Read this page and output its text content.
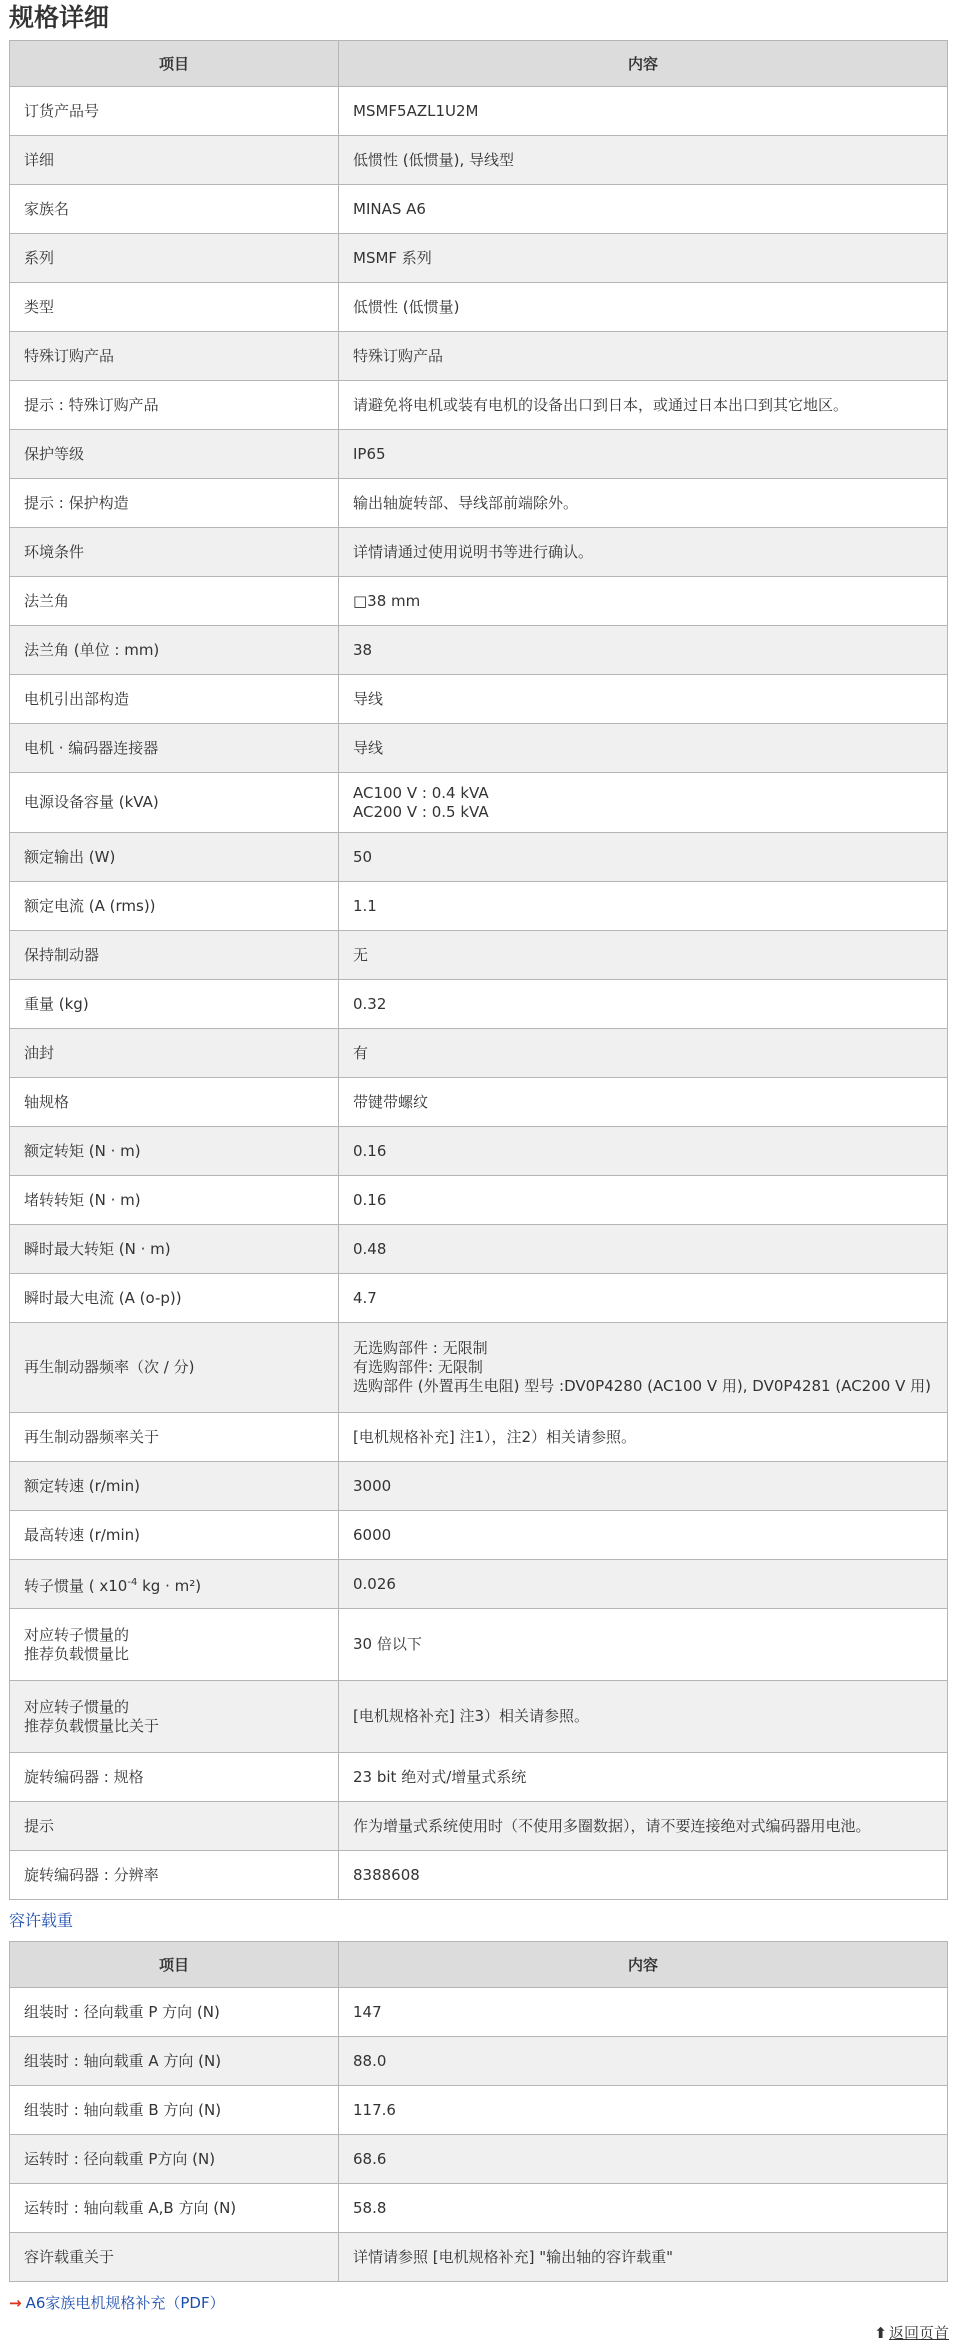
规格详细
项目	内容
订货产品号	MSMF5AZL1U2M
详细	低惯性 (低惯量), 导线型
家族名	MINAS A6
系列	MSMF 系列
类型	低惯性 (低惯量)
特殊订购产品	特殊订购产品
提示 : 特殊订购产品	请避免将电机或装有电机的设备出口到日本，或通过日本出口到其它地区。
保护等级	IP65
提示 : 保护构造	输出轴旋转部、导线部前端除外。
环境条件	详情请通过使用说明书等进行确认。
法兰角	□38 mm
法兰角 (单位 : mm)	38
电机引出部构造	导线
电机 · 编码器连接器	导线
电源设备容量 (kVA)	AC100 V : 0.4 kVA
AC200 V : 0.5 kVA
额定输出 (W)	50
额定电流 (A (rms))	1.1
保持制动器	无
重量 (kg)	0.32
油封	有
轴规格	带键带螺纹
额定转矩 (N · m)	0.16
堵转转矩 (N · m)	0.16
瞬时最大转矩 (N · m)	0.48
瞬时最大电流 (A (o-p))	4.7
再生制动器频率（次 / 分)	无选购部件 : 无限制
有选购部件: 无限制
选购部件 (外置再生电阻) 型号 :DV0P4280 (AC100 V 用), DV0P4281 (AC200 V 用)
再生制动器频率关于	[电机规格补充] 注1），注2）相关请参照。
额定转速 (r/min)	3000
最高转速 (r/min)	6000
转子惯量 ( $x10^{-4}$ kg · m²)	0.026
对应转子惯量的
推荐负载惯量比	30 倍以下
对应转子惯量的
推荐负载惯量比关于	[电机规格补充] 注3）相关请参照。
旋转编码器 : 规格	23 bit 绝对式/增量式系统
提示	作为增量式系统使用时（不使用多圈数据），请不要连接绝对式编码器用电池。
旋转编码器 : 分辨率	8388608
容许载重
项目	内容
组装时 : 径向载重 P 方向 (N)	147
组装时 : 轴向载重 A 方向 (N)	88.0
组装时 : 轴向载重 B 方向 (N)	117.6
运转时 : 径向载重 P方向 (N)	68.6
运转时 : 轴向载重 A,B 方向 (N)	58.8
容许载重关于	详情请参照 [电机规格补充] "输出轴的容许载重"
→ A6家族电机规格补充（PDF）
⬆ 返回页首
